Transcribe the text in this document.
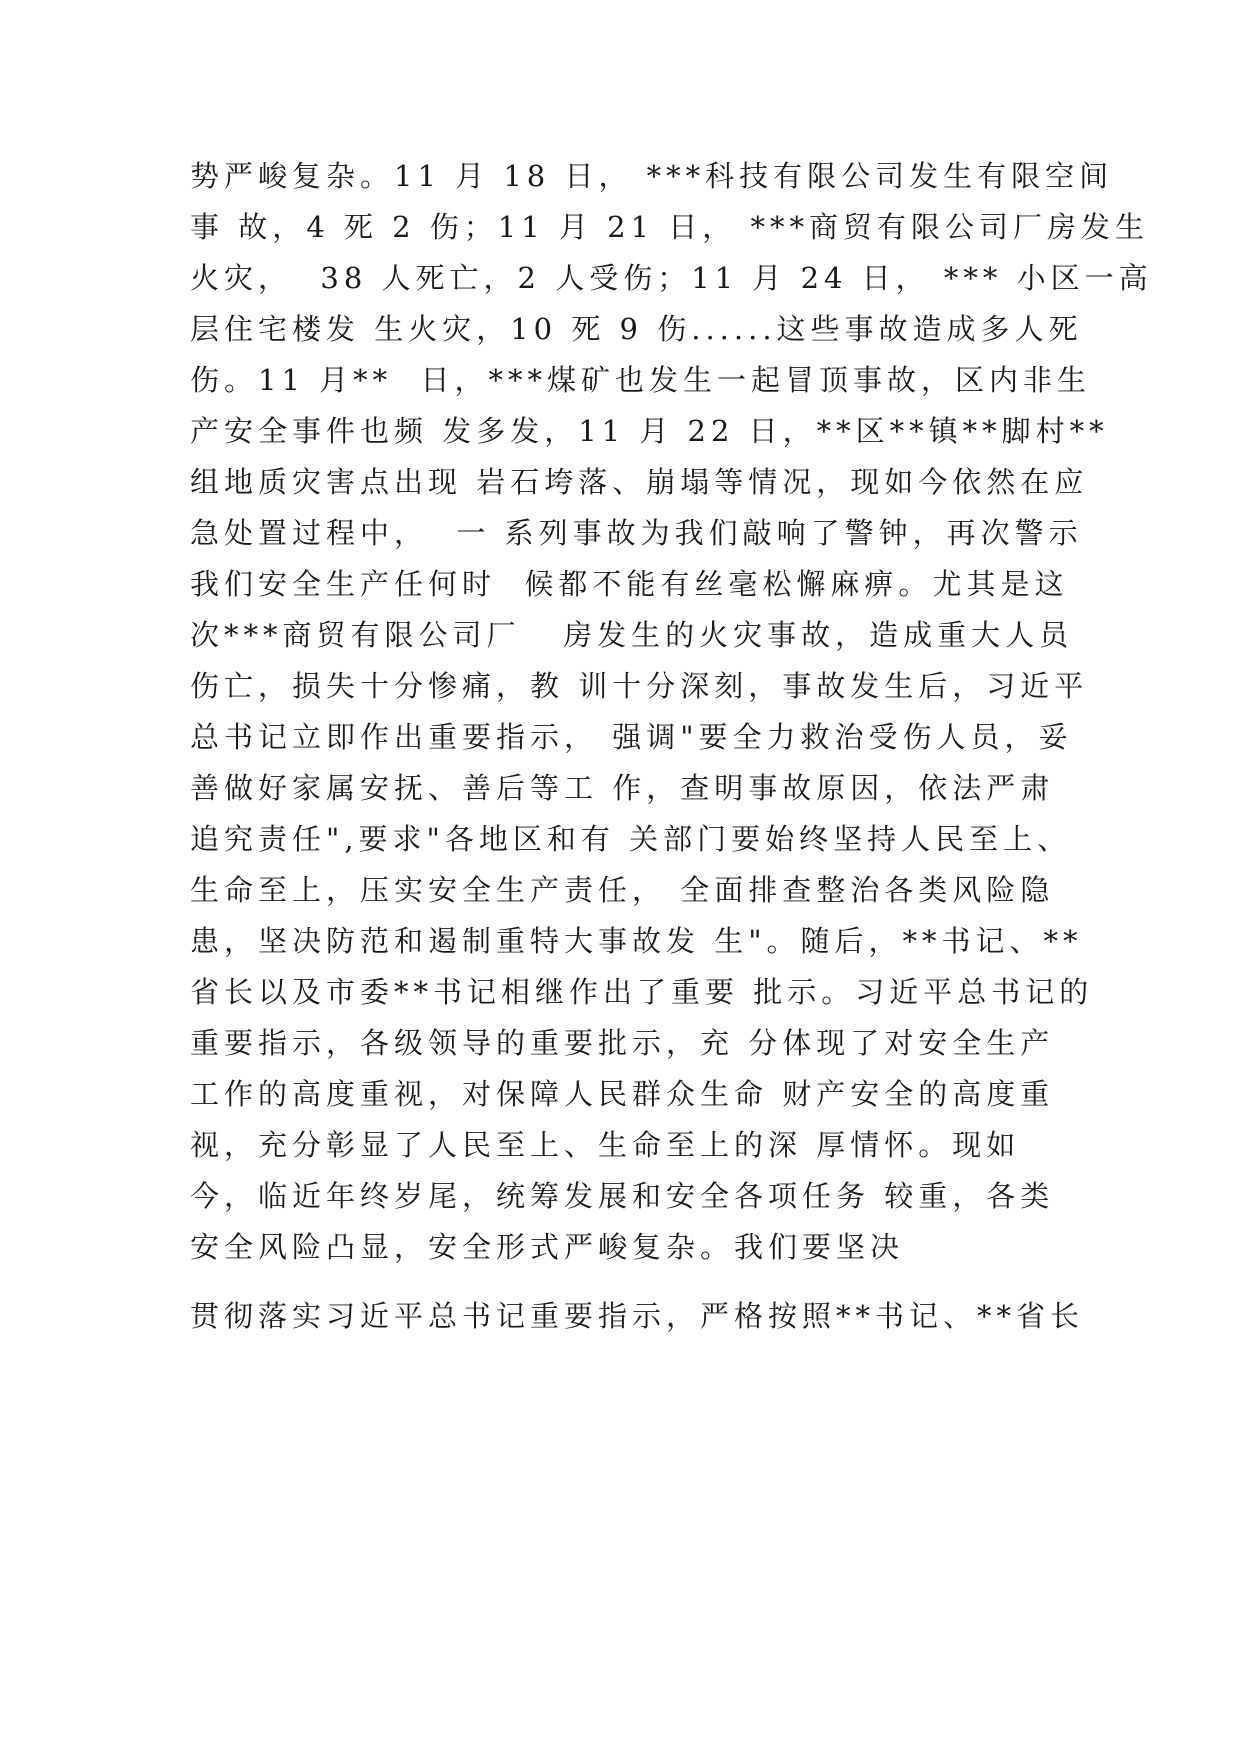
势严峻复杂。11 月 18 日， ***科技有限公司发生有限空间
事 故，4 死 2 伤；11 月 21 日， ***商贸有限公司厂房发生
火灾，  38 人死亡，2 人受伤；11 月 24 日， *** 小区一高
层住宅楼发 生火灾，10 死 9 伤......这些事故造成多人死
伤。11 月**  日，***煤矿也发生一起冒顶事故，区内非生
产安全事件也频 发多发，11 月 22 日，**区**镇**脚村**
组地质灾害点出现 岩石垮落、崩塌等情况，现如今依然在应
急处置过程中，  一 系列事故为我们敲响了警钟，再次警示
我们安全生产任何时  候都不能有丝毫松懈麻痹。尤其是这
次***商贸有限公司厂   房发生的火灾事故，造成重大人员
伤亡，损失十分惨痛，教 训十分深刻，事故发生后，习近平
总书记立即作出重要指示， 强调"要全力救治受伤人员，妥
善做好家属安抚、善后等工 作，查明事故原因，依法严肃
追究责任",要求"各地区和有 关部门要始终坚持人民至上、
生命至上，压实安全生产责任， 全面排查整治各类风险隐
患，坚决防范和遏制重特大事故发 生"。随后，**书记、**
省长以及市委**书记相继作出了重要 批示。习近平总书记的
重要指示，各级领导的重要批示，充 分体现了对安全生产
工作的高度重视，对保障人民群众生命 财产安全的高度重
视，充分彰显了人民至上、生命至上的深 厚情怀。现如
今，临近年终岁尾，统筹发展和安全各项任务 较重，各类
安全风险凸显，安全形式严峻复杂。我们要坚决
贯彻落实习近平总书记重要指示，严格按照**书记、**省长
